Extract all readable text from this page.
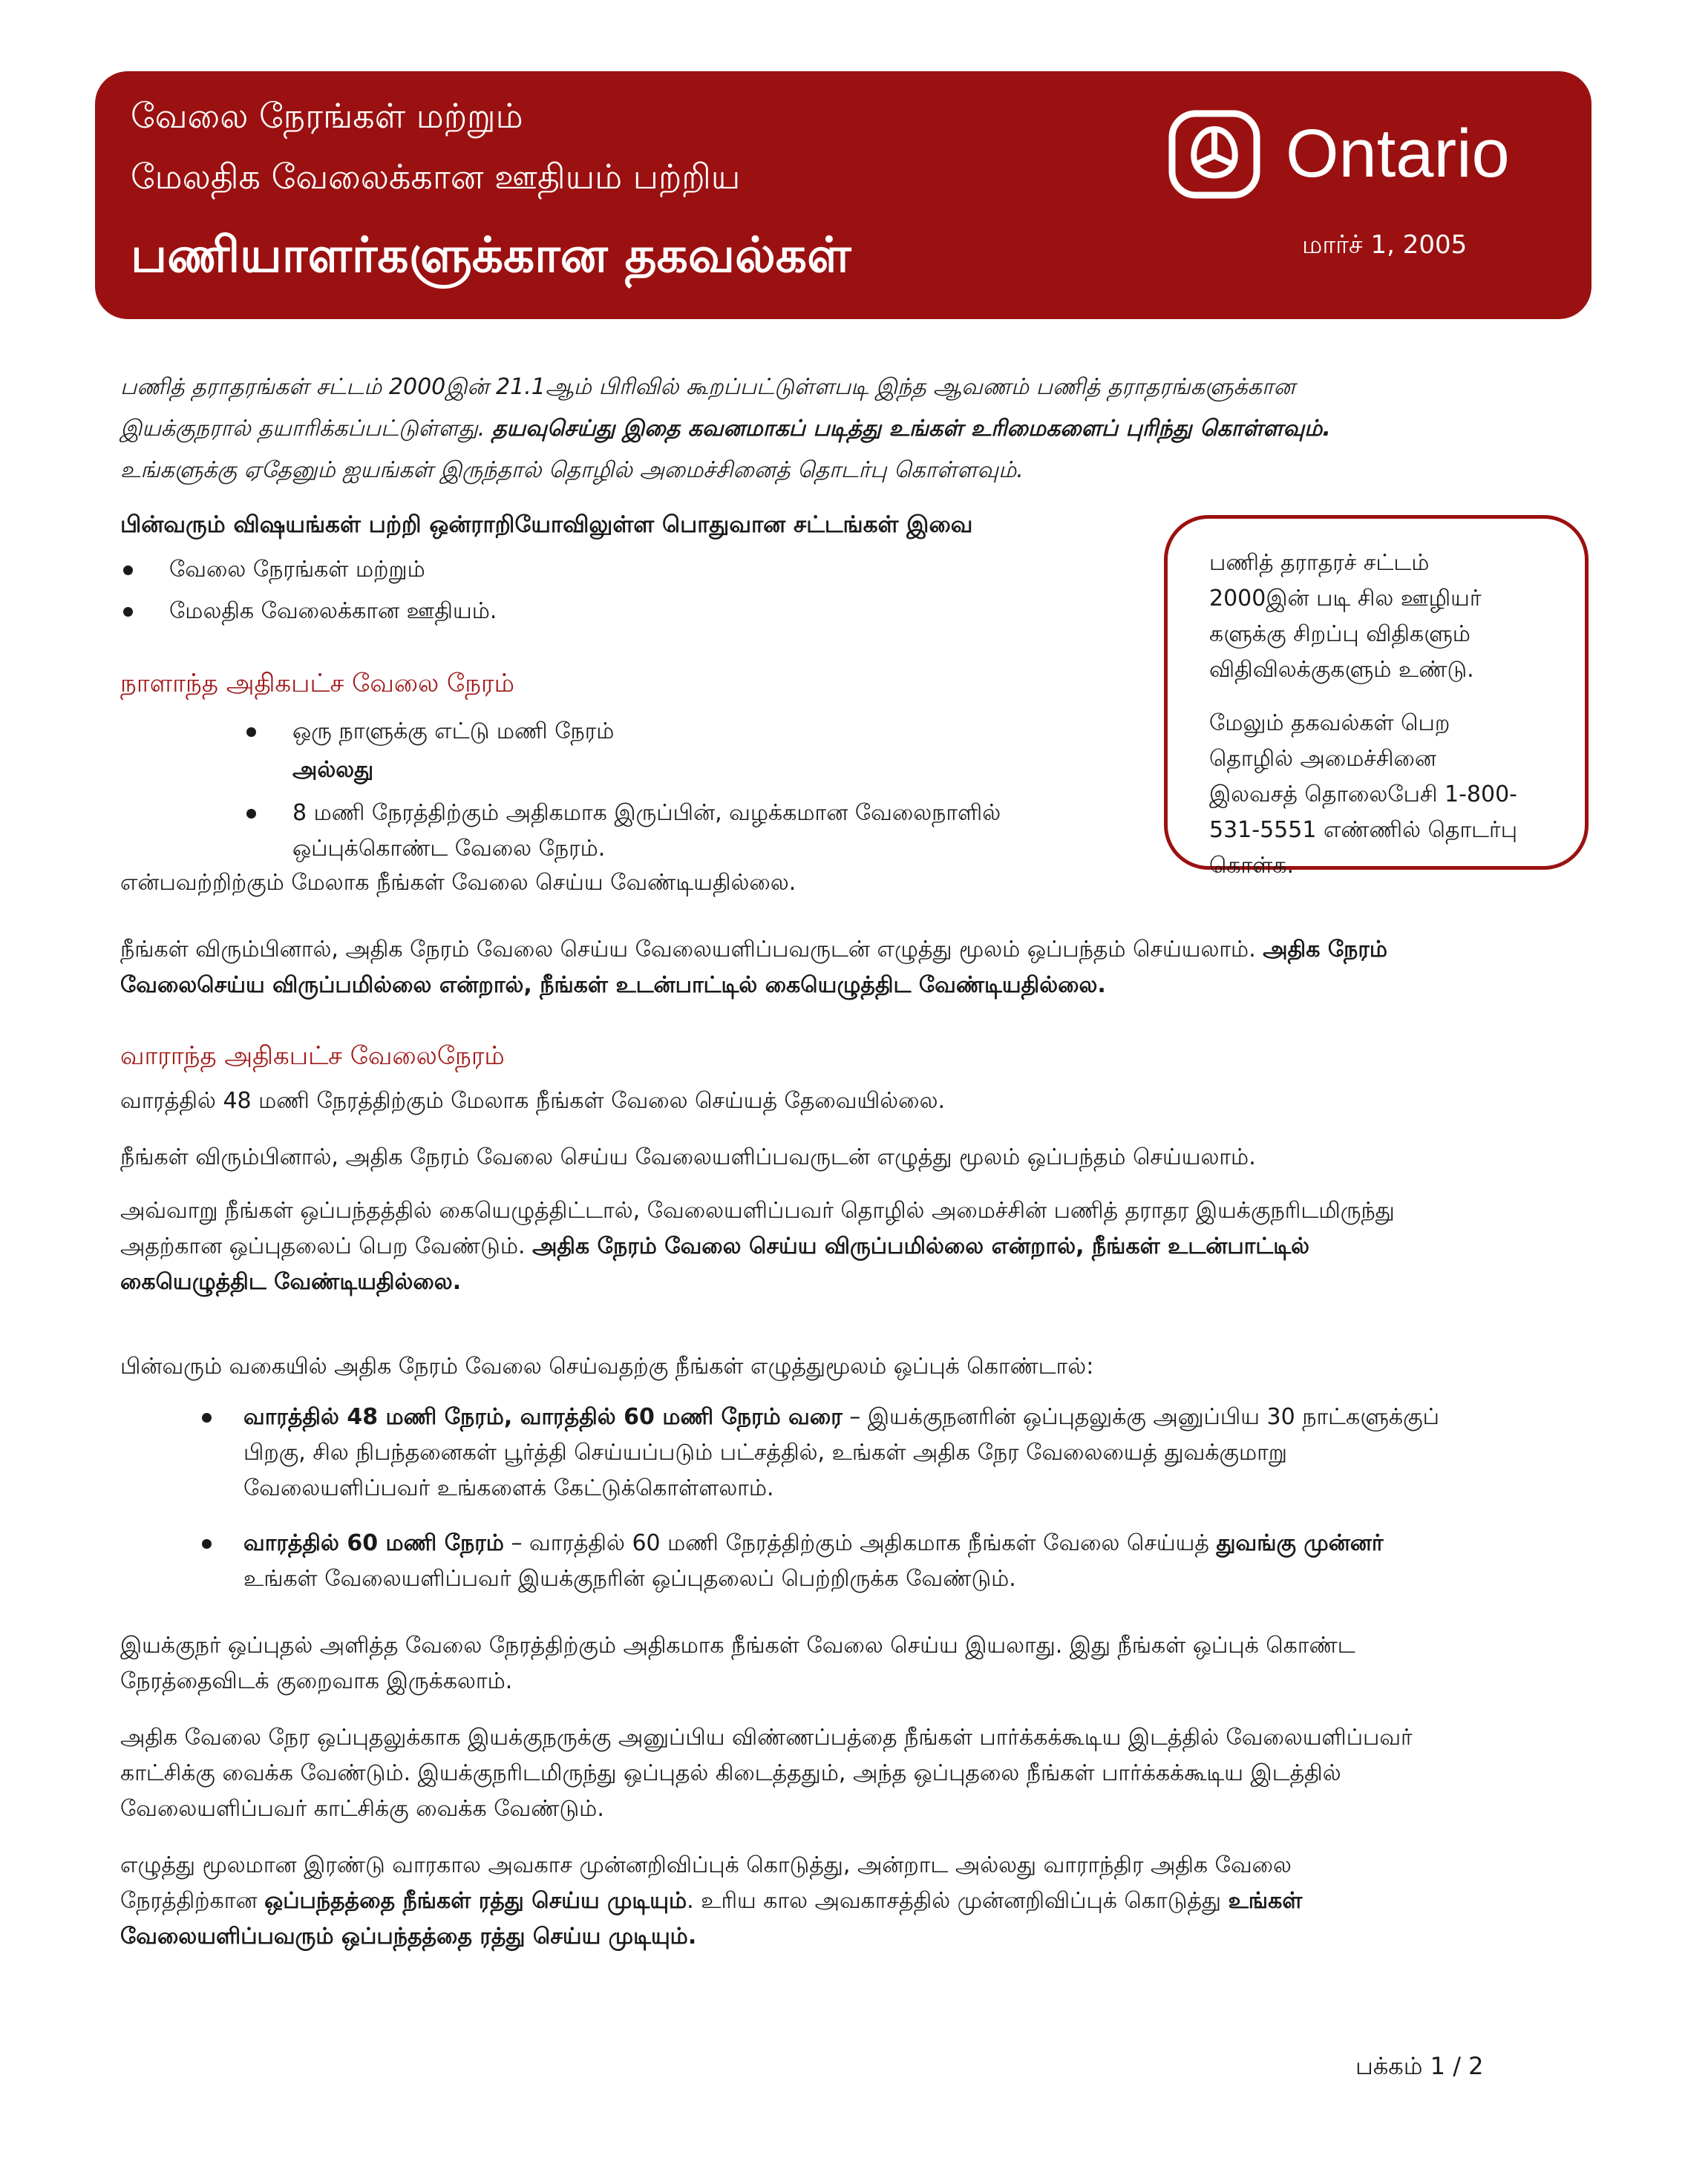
வேலை நேரங்கள் மற்றும்
மேலதிக வேலைக்கான ஊதியம் பற்றிய
பணியாளர்களுக்கான தகவல்கள்
Ontario
மார்ச் 1, 2005
பணித் தராதரங்கள் சட்டம் 2000இன் 21.1ஆம் பிரிவில் கூறப்பட்டுள்ளபடி இந்த ஆவணம் பணித் தராதரங்களுக்கான
இயக்குநரால் தயாரிக்கப்பட்டுள்ளது. தயவுசெய்து இதை கவனமாகப் படித்து உங்கள் உரிமைகளைப் புரிந்து கொள்ளவும்.
உங்களுக்கு ஏதேனும் ஐயங்கள் இருந்தால் தொழில் அமைச்சினைத் தொடர்பு கொள்ளவும்.
பின்வரும் விஷயங்கள் பற்றி ஒன்ராறியோவிலுள்ள பொதுவான சட்டங்கள் இவை
வேலை நேரங்கள் மற்றும்
மேலதிக வேலைக்கான ஊதியம்.
பணித் தராதரச் சட்டம்
2000இன் படி சில ஊழியர்
களுக்கு சிறப்பு விதிகளும்
விதிவிலக்குகளும் உண்டு.
மேலும் தகவல்கள் பெற
தொழில் அமைச்சினை
இலவசத் தொலைபேசி 1-800-
531-5551 எண்ணில் தொடர்பு
கொள்க.
நாளாந்த அதிகபட்ச வேலை நேரம்
ஒரு நாளுக்கு எட்டு மணி நேரம்
அல்லது
8 மணி நேரத்திற்கும் அதிகமாக இருப்பின், வழக்கமான வேலைநாளில்
ஒப்புக்கொண்ட வேலை நேரம்.
என்பவற்றிற்கும் மேலாக நீங்கள் வேலை செய்ய வேண்டியதில்லை.
நீங்கள் விரும்பினால், அதிக நேரம் வேலை செய்ய வேலையளிப்பவருடன் எழுத்து மூலம் ஒப்பந்தம் செய்யலாம். அதிக நேரம்
வேலைசெய்ய விருப்பமில்லை என்றால், நீங்கள் உடன்பாட்டில் கையெழுத்திட வேண்டியதில்லை.
வாராந்த அதிகபட்ச வேலைநேரம்
வாரத்தில் 48 மணி நேரத்திற்கும் மேலாக நீங்கள் வேலை செய்யத் தேவையில்லை.
நீங்கள் விரும்பினால், அதிக நேரம் வேலை செய்ய வேலையளிப்பவருடன் எழுத்து மூலம் ஒப்பந்தம் செய்யலாம்.
அவ்வாறு நீங்கள் ஒப்பந்தத்தில் கையெழுத்திட்டால், வேலையளிப்பவர் தொழில் அமைச்சின் பணித் தராதர இயக்குநரிடமிருந்து
அதற்கான ஒப்புதலைப் பெற வேண்டும். அதிக நேரம் வேலை செய்ய விருப்பமில்லை என்றால், நீங்கள் உடன்பாட்டில்
கையெழுத்திட வேண்டியதில்லை.
பின்வரும் வகையில் அதிக நேரம் வேலை செய்வதற்கு நீங்கள் எழுத்துமூலம் ஒப்புக் கொண்டால்:
வாரத்தில் 48 மணி நேரம், வாரத்தில் 60 மணி நேரம் வரை – இயக்குநனரின் ஒப்புதலுக்கு அனுப்பிய 30 நாட்களுக்குப்
பிறகு, சில நிபந்தனைகள் பூர்த்தி செய்யப்படும் பட்சத்தில், உங்கள் அதிக நேர வேலையைத் துவக்குமாறு
வேலையளிப்பவர் உங்களைக் கேட்டுக்கொள்ளலாம்.
வாரத்தில் 60 மணி நேரம் – வாரத்தில் 60 மணி நேரத்திற்கும் அதிகமாக நீங்கள் வேலை செய்யத் துவங்கு முன்னர்
உங்கள் வேலையளிப்பவர் இயக்குநரின் ஒப்புதலைப் பெற்றிருக்க வேண்டும்.
இயக்குநர் ஒப்புதல் அளித்த வேலை நேரத்திற்கும் அதிகமாக நீங்கள் வேலை செய்ய இயலாது. இது நீங்கள் ஒப்புக் கொண்ட
நேரத்தைவிடக் குறைவாக இருக்கலாம்.
அதிக வேலை நேர ஒப்புதலுக்காக இயக்குநருக்கு அனுப்பிய விண்ணப்பத்தை நீங்கள் பார்க்கக்கூடிய இடத்தில் வேலையளிப்பவர்
காட்சிக்கு வைக்க வேண்டும். இயக்குநரிடமிருந்து ஒப்புதல் கிடைத்ததும், அந்த ஒப்புதலை நீங்கள் பார்க்கக்கூடிய இடத்தில்
வேலையளிப்பவர் காட்சிக்கு வைக்க வேண்டும்.
எழுத்து மூலமான இரண்டு வாரகால அவகாச முன்னறிவிப்புக் கொடுத்து, அன்றாட அல்லது வாராந்திர அதிக வேலை
நேரத்திற்கான ஒப்பந்தத்தை நீங்கள் ரத்து செய்ய முடியும். உரிய கால அவகாசத்தில் முன்னறிவிப்புக் கொடுத்து உங்கள்
வேலையளிப்பவரும் ஒப்பந்தத்தை ரத்து செய்ய முடியும்.
பக்கம் 1 / 2
